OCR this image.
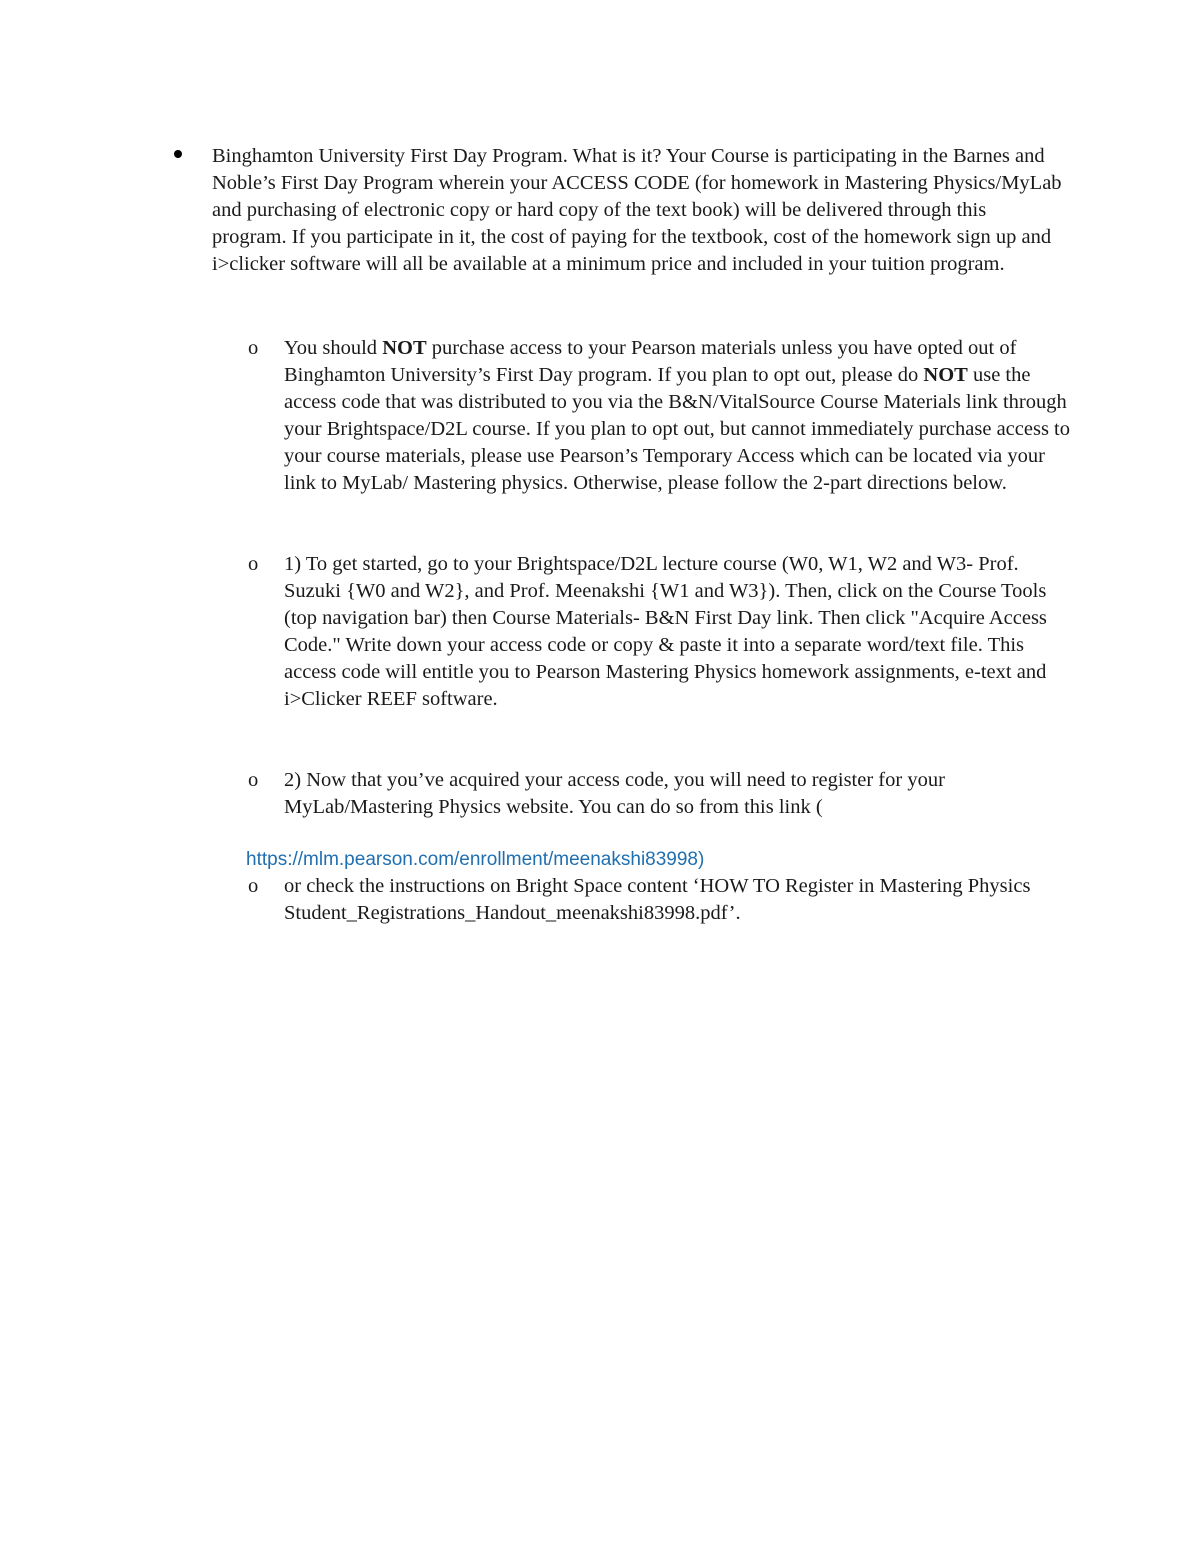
Binghamton University First Day Program. What is it? Your Course is participating in the Barnes and Noble’s First Day Program wherein your ACCESS CODE (for homework in Mastering Physics/MyLab and purchasing of electronic copy or hard copy of the text book) will be delivered through this program. If you participate in it, the cost of paying for the textbook, cost of the homework sign up and i>clicker software will all be available at a minimum price and included in your tuition program.
o You should NOT purchase access to your Pearson materials unless you have opted out of Binghamton University’s First Day program. If you plan to opt out, please do NOT use the access code that was distributed to you via the B&N/VitalSource Course Materials link through your Brightspace/D2L course. If you plan to opt out, but cannot immediately purchase access to your course materials, please use Pearson’s Temporary Access which can be located via your link to MyLab/ Mastering physics. Otherwise, please follow the 2-part directions below.
o 1) To get started, go to your Brightspace/D2L lecture course (W0, W1, W2 and W3- Prof. Suzuki {W0 and W2}, and Prof. Meenakshi {W1 and W3}). Then, click on the Course Tools (top navigation bar) then Course Materials- B&N First Day link. Then click "Acquire Access Code." Write down your access code or copy & paste it into a separate word/text file. This access code will entitle you to Pearson Mastering Physics homework assignments, e-text and i>Clicker REEF software.
o 2) Now that you’ve acquired your access code, you will need to register for your MyLab/Mastering Physics website. You can do so from this link (
https://mlm.pearson.com/enrollment/meenakshi83998)
o or check the instructions on Bright Space content ‘HOW TO Register in Mastering Physics Student_Registrations_Handout_meenakshi83998.pdf’.
